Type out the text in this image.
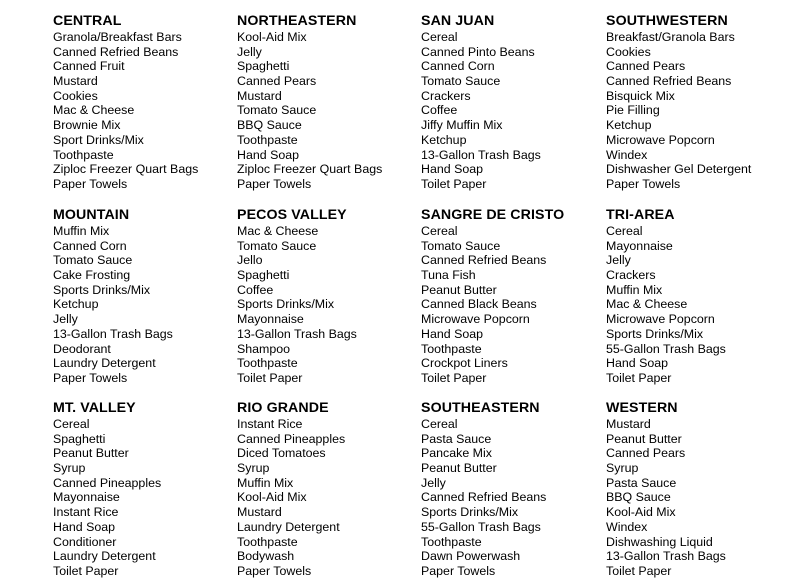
CENTRAL
Granola/Breakfast Bars
Canned Refried Beans
Canned Fruit
Mustard
Cookies
Mac & Cheese
Brownie Mix
Sport Drinks/Mix
Toothpaste
Ziploc Freezer Quart Bags
Paper Towels
NORTHEASTERN
Kool-Aid Mix
Jelly
Spaghetti
Canned Pears
Mustard
Tomato Sauce
BBQ Sauce
Toothpaste
Hand Soap
Ziploc Freezer Quart Bags
Paper Towels
SAN JUAN
Cereal
Canned Pinto Beans
Canned Corn
Tomato Sauce
Crackers
Coffee
Jiffy Muffin Mix
Ketchup
13-Gallon Trash Bags
Hand Soap
Toilet Paper
SOUTHWESTERN
Breakfast/Granola Bars
Cookies
Canned Pears
Canned Refried Beans
Bisquick Mix
Pie Filling
Ketchup
Microwave Popcorn
Windex
Dishwasher Gel Detergent
Paper Towels
MOUNTAIN
Muffin Mix
Canned Corn
Tomato Sauce
Cake Frosting
Sports Drinks/Mix
Ketchup
Jelly
13-Gallon Trash Bags
Deodorant
Laundry Detergent
Paper Towels
PECOS VALLEY
Mac & Cheese
Tomato Sauce
Jello
Spaghetti
Coffee
Sports Drinks/Mix
Mayonnaise
13-Gallon Trash Bags
Shampoo
Toothpaste
Toilet Paper
SANGRE DE CRISTO
Cereal
Tomato Sauce
Canned Refried Beans
Tuna Fish
Peanut Butter
Canned Black Beans
Microwave Popcorn
Hand Soap
Toothpaste
Crockpot Liners
Toilet Paper
TRI-AREA
Cereal
Mayonnaise
Jelly
Crackers
Muffin Mix
Mac & Cheese
Microwave Popcorn
Sports Drinks/Mix
55-Gallon Trash Bags
Hand Soap
Toilet Paper
MT. VALLEY
Cereal
Spaghetti
Peanut Butter
Syrup
Canned Pineapples
Mayonnaise
Instant Rice
Hand Soap
Conditioner
Laundry Detergent
Toilet Paper
RIO GRANDE
Instant Rice
Canned Pineapples
Diced Tomatoes
Syrup
Muffin Mix
Kool-Aid Mix
Mustard
Laundry Detergent
Toothpaste
Bodywash
Paper Towels
SOUTHEASTERN
Cereal
Pasta Sauce
Pancake Mix
Peanut Butter
Jelly
Canned Refried Beans
Sports Drinks/Mix
55-Gallon Trash Bags
Toothpaste
Dawn Powerwash
Paper Towels
WESTERN
Mustard
Peanut Butter
Canned Pears
Syrup
Pasta Sauce
BBQ Sauce
Kool-Aid Mix
Windex
Dishwashing Liquid
13-Gallon Trash Bags
Toilet Paper
